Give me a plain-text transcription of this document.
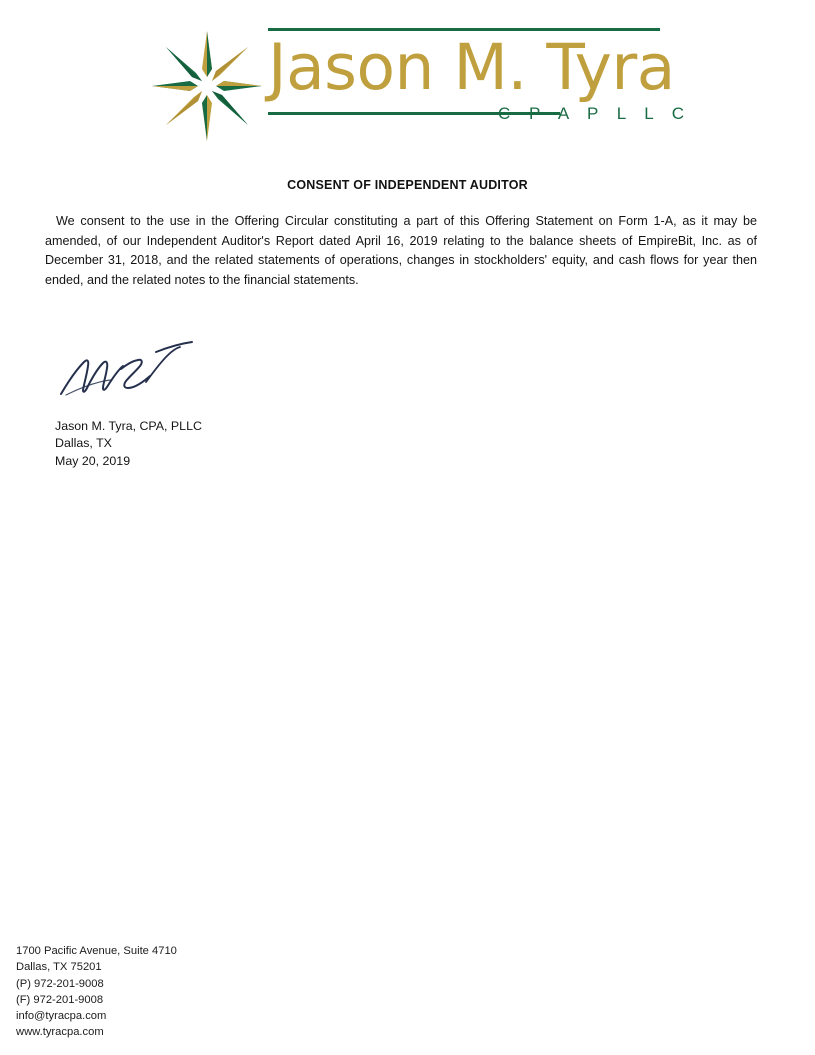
Jason M. Tyra
C P A P L L C
CONSENT OF INDEPENDENT AUDITOR
We consent to the use in the Offering Circular constituting a part of this Offering Statement on Form 1-A, as it may be amended, of our Independent Auditor's Report dated April 16, 2019 relating to the balance sheets of EmpireBit, Inc. as of December 31, 2018, and the related statements of operations, changes in stockholders' equity, and cash flows for year then ended, and the related notes to the financial statements.
Jason M. Tyra, CPA, PLLC
Dallas, TX
May 20, 2019
1700 Pacific Avenue, Suite 4710
Dallas, TX 75201
(P) 972-201-9008
(F) 972-201-9008
info@tyracpa.com
www.tyracpa.com
